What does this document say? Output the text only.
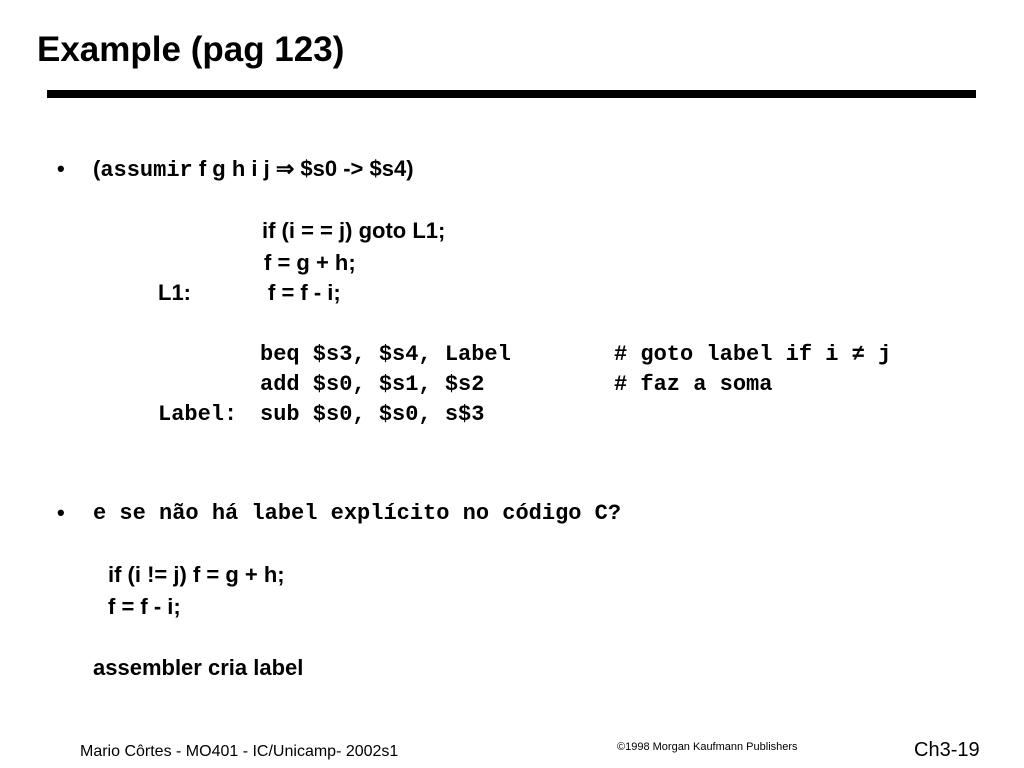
Example (pag 123)
• (assumir f g h i j ⇒ $s0 -> $s4)
if (i = = j) goto L1;
f = g + h;
L1:	f = f - i;
beq $s3, $s4, Label	# goto label if i ≠ j
add $s0, $s1, $s2	# faz a soma
Label: sub $s0, $s0, s$3
• e se não há label explícito no código C?
if (i != j) f = g + h;
f = f - i;
assembler cria label
Mario Côrtes - MO401 - IC/Unicamp- 2002s1	©1998 Morgan Kaufmann Publishers	Ch3-19
